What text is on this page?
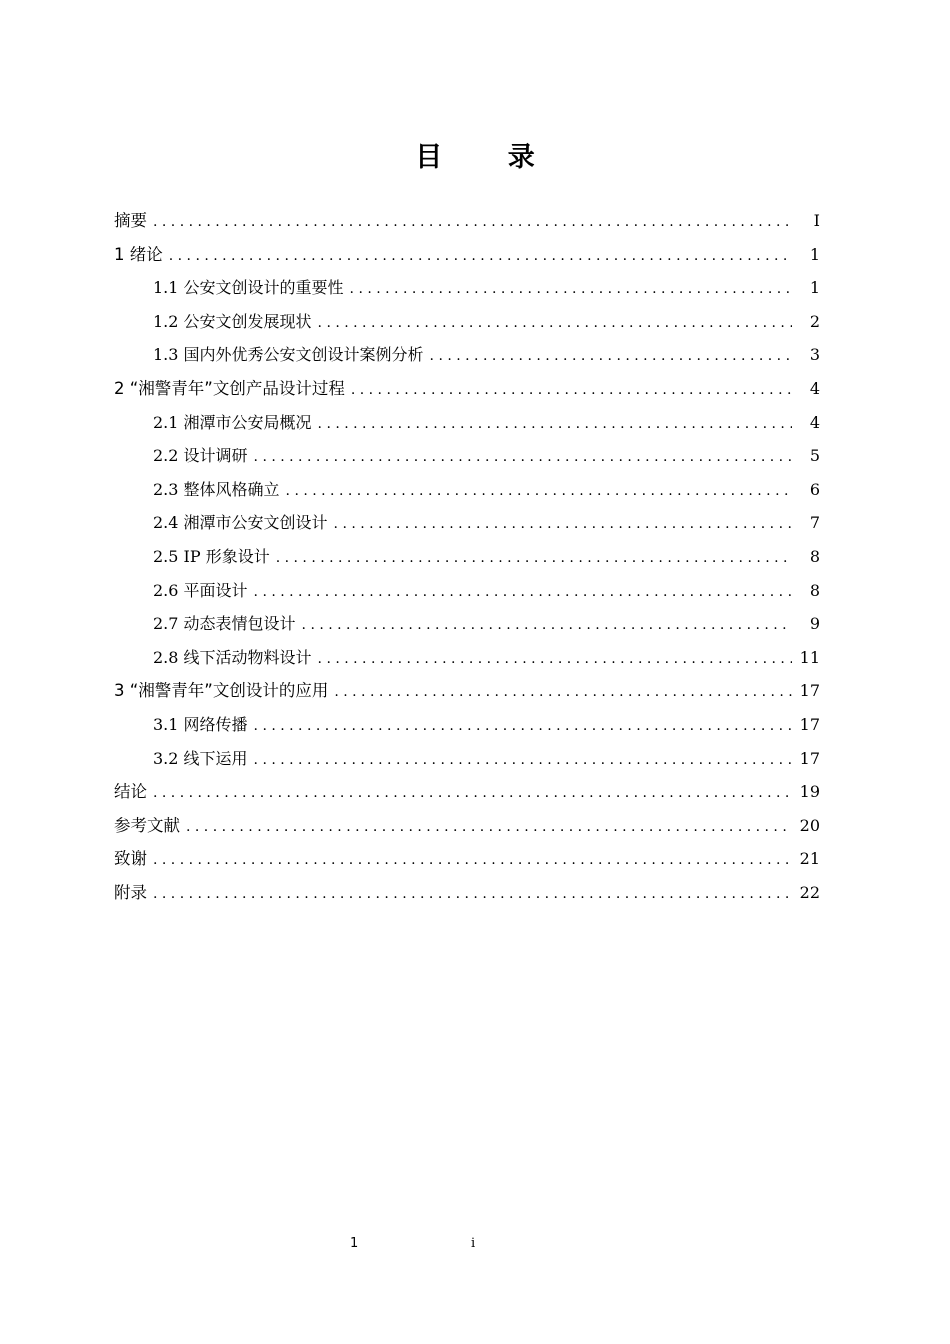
目 录
摘要 . . .	I
1 绪论 . . .	1
1.1 公安文创设计的重要性 . . .	1
1.2 公安文创发展现状 . . .	2
1.3 国内外优秀公安文创设计案例分析 . . .	3
2 “湘警青年”文创产品设计过程 . . .	4
2.1 湘潭市公安局概况 . . .	4
2.2 设计调研 . . .	5
2.3 整体风格确立 . . .	6
2.4 湘潭市公安文创设计 . . .	7
2.5 IP 形象设计 . . .	8
2.6 平面设计 . . .	8
2.7 动态表情包设计 . . .	9
2.8 线下活动物料设计 . . .	11
3 “湘警青年”文创设计的应用 . . .	17
3.1 网络传播 . . .	17
3.2 线下运用 . . .	17
结论 . . .	19
参考文献 . . .	20
致谢 . . .	21
附录 . . .	22
1	i
